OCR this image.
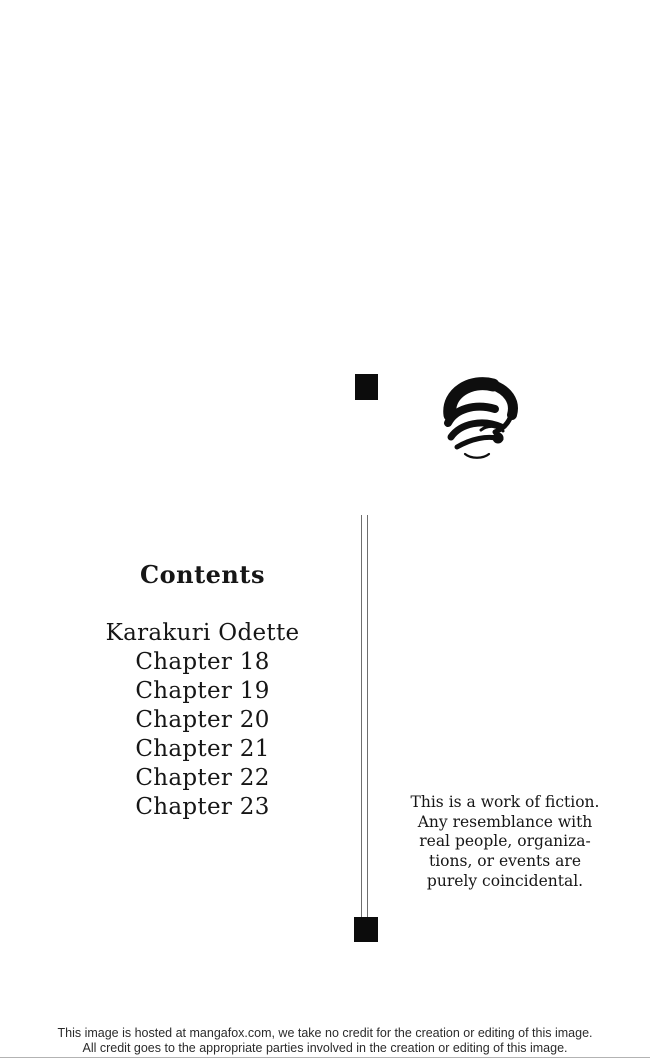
Contents
Karakuri Odette
Chapter 18
Chapter 19
Chapter 20
Chapter 21
Chapter 22
Chapter 23	This is a work of fiction.
Any resemblance with
real people, organiza-
tions, or events are
purely coincidental.
This image is hosted at mangafox.com, we take no credit for the creation or editing of this image.
All credit goes to the appropriate parties involved in the creation or editing of this image.
